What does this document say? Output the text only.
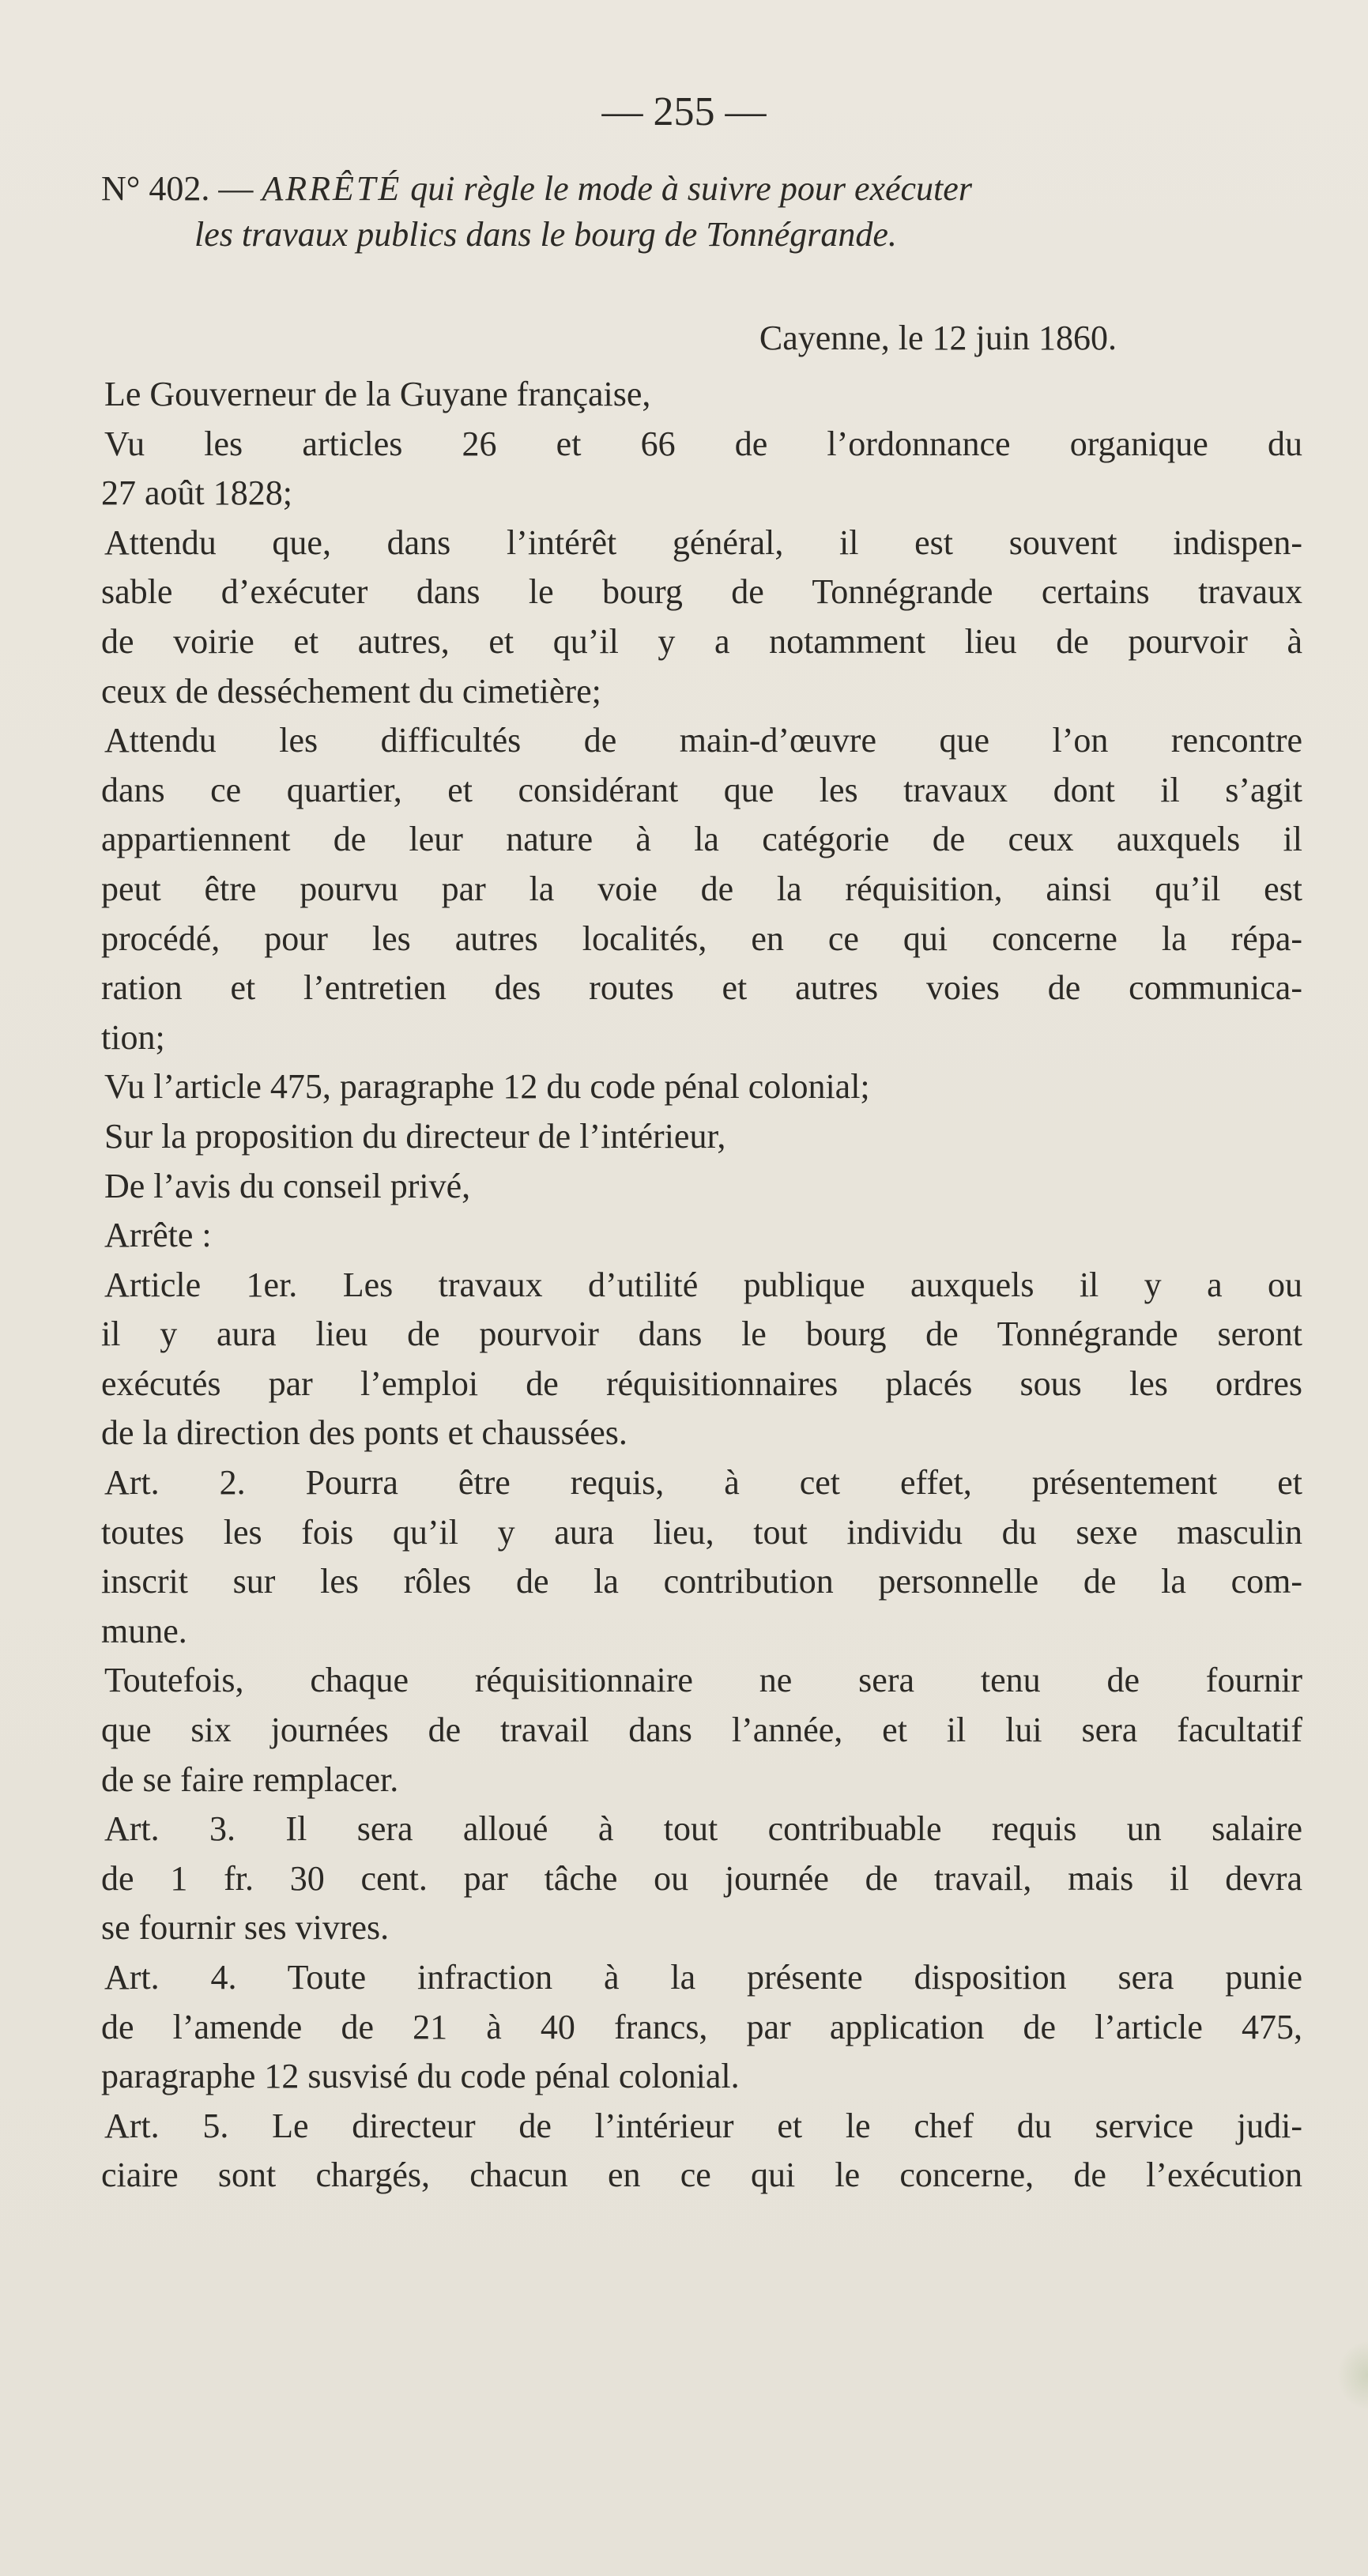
— 255 —
N° 402. — ARRÊTÉ qui règle le mode à suivre pour exécuter
les travaux publics dans le bourg de Tonnégrande.
Cayenne, le 12 juin 1860.
Le Gouverneur de la Guyane française,
Vu les articles 26 et 66 de l’ordonnance organique du
27 août 1828;
Attendu que, dans l’intérêt général, il est souvent indispen-
sable d’exécuter dans le bourg de Tonnégrande certains travaux
de voirie et autres, et qu’il y a notamment lieu de pourvoir à
ceux de desséchement du cimetière;
Attendu les difficultés de main-d’œuvre que l’on rencontre
dans ce quartier, et considérant que les travaux dont il s’agit
appartiennent de leur nature à la catégorie de ceux auxquels il
peut être pourvu par la voie de la réquisition, ainsi qu’il est
procédé, pour les autres localités, en ce qui concerne la répa-
ration et l’entretien des routes et autres voies de communica-
tion;
Vu l’article 475, paragraphe 12 du code pénal colonial;
Sur la proposition du directeur de l’intérieur,
De l’avis du conseil privé,
Arrête :
Article 1er. Les travaux d’utilité publique auxquels il y a ou
il y aura lieu de pourvoir dans le bourg de Tonnégrande seront
exécutés par l’emploi de réquisitionnaires placés sous les ordres
de la direction des ponts et chaussées.
Art. 2. Pourra être requis, à cet effet, présentement et
toutes les fois qu’il y aura lieu, tout individu du sexe masculin
inscrit sur les rôles de la contribution personnelle de la com-
mune.
Toutefois, chaque réquisitionnaire ne sera tenu de fournir
que six journées de travail dans l’année, et il lui sera facultatif
de se faire remplacer.
Art. 3. Il sera alloué à tout contribuable requis un salaire
de 1 fr. 30 cent. par tâche ou journée de travail, mais il devra
se fournir ses vivres.
Art. 4. Toute infraction à la présente disposition sera punie
de l’amende de 21 à 40 francs, par application de l’article 475,
paragraphe 12 susvisé du code pénal colonial.
Art. 5. Le directeur de l’intérieur et le chef du service judi-
ciaire sont chargés, chacun en ce qui le concerne, de l’exécution
